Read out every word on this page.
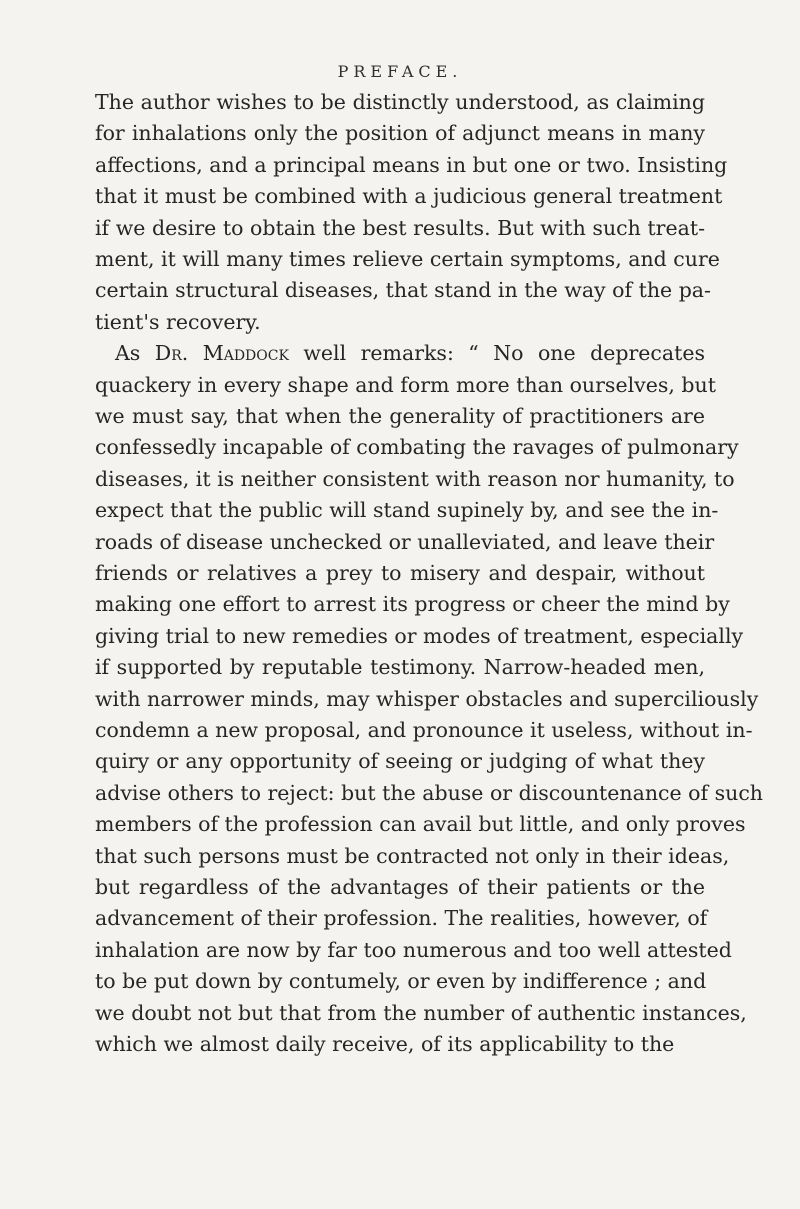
PREFACE.
The author wishes to be distinctly understood, as claiming
for inhalations only the position of adjunct means in many
affections, and a principal means in but one or two. Insisting
that it must be combined with a judicious general treatment
if we desire to obtain the best results. But with such treat-
ment, it will many times relieve certain symptoms, and cure
certain structural diseases, that stand in the way of the pa-
tient's recovery.
As Dr. Maddock well remarks: “ No one deprecates
quackery in every shape and form more than ourselves, but
we must say, that when the generality of practitioners are
confessedly incapable of combating the ravages of pulmonary
diseases, it is neither consistent with reason nor humanity, to
expect that the public will stand supinely by, and see the in-
roads of disease unchecked or unalleviated, and leave their
friends or relatives a prey to misery and despair, without
making one effort to arrest its progress or cheer the mind by
giving trial to new remedies or modes of treatment, especially
if supported by reputable testimony. Narrow-headed men,
with narrower minds, may whisper obstacles and superciliously
condemn a new proposal, and pronounce it useless, without in-
quiry or any opportunity of seeing or judging of what they
advise others to reject: but the abuse or discountenance of such
members of the profession can avail but little, and only proves
that such persons must be contracted not only in their ideas,
but regardless of the advantages of their patients or the
advancement of their profession. The realities, however, of
inhalation are now by far too numerous and too well attested
to be put down by contumely, or even by indifference ; and
we doubt not but that from the number of authentic instances,
which we almost daily receive, of its applicability to the
